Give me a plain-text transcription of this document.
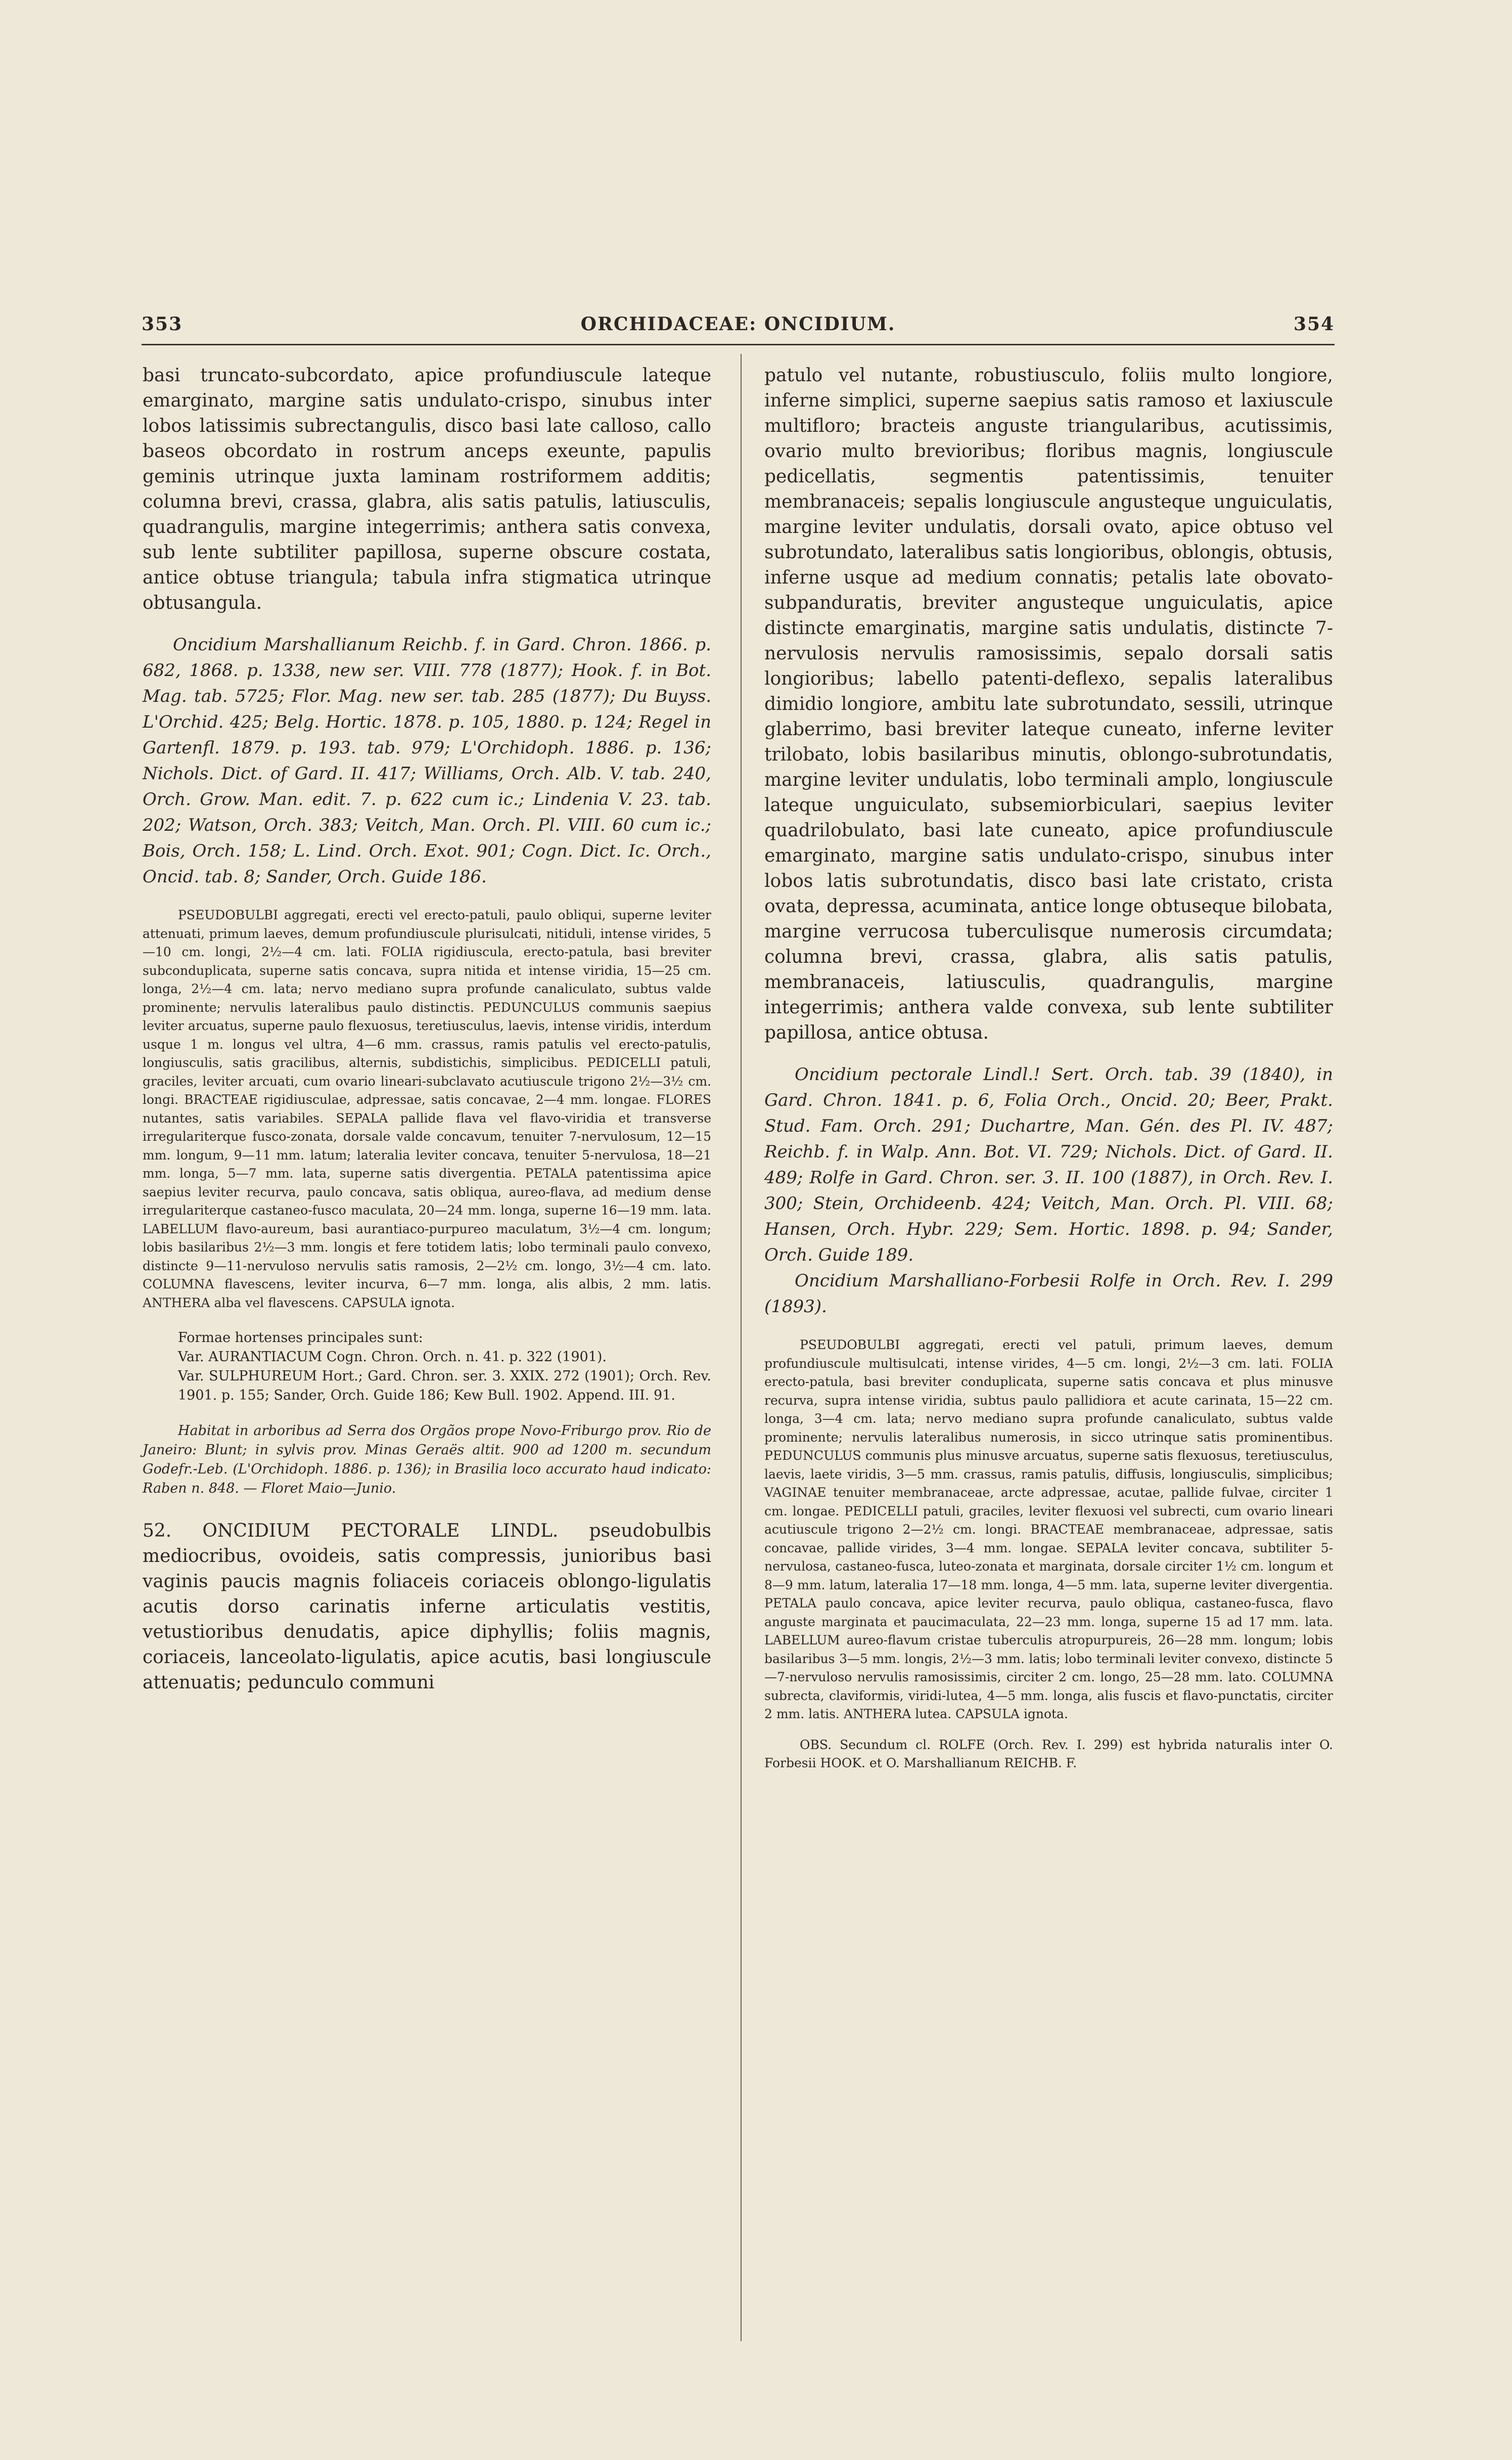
353	ORCHIDACEAE: ONCIDIUM.	354

basi truncato-subcordato, apice profundiuscule lateque emarginato, margine satis undulato-crispo, sinubus inter lobos latissimis subrectangulis, disco basi late calloso, callo baseos obcordato in rostrum anceps exeunte, papulis geminis utrinque juxta laminam rostriformem additis; columna brevi, crassa, glabra, alis satis patulis, latiusculis, quadrangulis, margine integerrimis; anthera satis convexa, sub lente subtiliter papillosa, superne obscure costata, antice obtuse triangula; tabula infra stigmatica utrinque obtusangula.

Oncidium Marshallianum Reichb. f. in Gard. Chron. 1866. p. 682, 1868. p. 1338, new ser. VIII. 778 (1877); Hook. f. in Bot. Mag. tab. 5725; Flor. Mag. new ser. tab. 285 (1877); Du Buyss. L'Orchid. 425; Belg. Hortic. 1878. p. 105, 1880. p. 124; Regel in Gartenfl. 1879. p. 193. tab. 979; L'Orchidoph. 1886. p. 136; Nichols. Dict. of Gard. II. 417; Williams, Orch. Alb. V. tab. 240, Orch. Grow. Man. edit. 7. p. 622 cum ic.; Lindenia V. 23. tab. 202; Watson, Orch. 383; Veitch, Man. Orch. Pl. VIII. 60 cum ic.; Bois, Orch. 158; L. Lind. Orch. Exot. 901; Cogn. Dict. Ic. Orch., Oncid. tab. 8; Sander, Orch. Guide 186.

PSEUDOBULBI aggregati, erecti vel erecto-patuli, paulo obliqui, superne leviter attenuati, primum laeves, demum profundiuscule plurisulcati, nitiduli, intense virides, 5—10 cm. longi, 2½—4 cm. lati. FOLIA rigidiuscula, erecto-patula, basi breviter subconduplicata, superne satis concava, supra nitida et intense viridia, 15—25 cm. longa, 2½—4 cm. lata; nervo mediano supra profunde canaliculato, subtus valde prominente; nervulis lateralibus paulo distinctis. PEDUNCULUS communis saepius leviter arcuatus, superne paulo flexuosus, teretiusculus, laevis, intense viridis, interdum usque 1 m. longus vel ultra, 4—6 mm. crassus, ramis patulis vel erecto-patulis, longiusculis, satis gracilibus, alternis, subdistichis, simplicibus. PEDICELLI patuli, graciles, leviter arcuati, cum ovario lineari-subclavato acutiuscule trigono 2½—3½ cm. longi. BRACTEAE rigidiusculae, adpressae, satis concavae, 2—4 mm. longae. FLORES nutantes, satis variabiles. SEPALA pallide flava vel flavo-viridia et transverse irregulariterque fusco-zonata, dorsale valde concavum, tenuiter 7-nervulosum, 12—15 mm. longum, 9—11 mm. latum; lateralia leviter concava, tenuiter 5-nervulosa, 18—21 mm. longa, 5—7 mm. lata, superne satis divergentia. PETALA patentissima apice saepius leviter recurva, paulo concava, satis obliqua, aureo-flava, ad medium dense irregulariterque castaneo-fusco maculata, 20—24 mm. longa, superne 16—19 mm. lata. LABELLUM flavo-aureum, basi aurantiaco-purpureo maculatum, 3½—4 cm. longum; lobis basilaribus 2½—3 mm. longis et fere totidem latis; lobo terminali paulo convexo, distincte 9—11-nervuloso nervulis satis ramosis, 2—2½ cm. longo, 3½—4 cm. lato. COLUMNA flavescens, leviter incurva, 6—7 mm. longa, alis albis, 2 mm. latis. ANTHERA alba vel flavescens. CAPSULA ignota.

Formae hortenses principales sunt:

Var. AURANTIACUM Cogn. Chron. Orch. n. 41. p. 322 (1901).

Var. SULPHUREUM Hort.; Gard. Chron. ser. 3. XXIX. 272 (1901); Orch. Rev. 1901. p. 155; Sander, Orch. Guide 186; Kew Bull. 1902. Append. III. 91.

Habitat in arboribus ad Serra dos Orgãos prope Novo-Friburgo prov. Rio de Janeiro: Blunt; in sylvis prov. Minas Geraës altit. 900 ad 1200 m. secundum Godefr.-Leb. (L'Orchidoph. 1886. p. 136); in Brasilia loco accurato haud indicato: Raben n. 848. — Floret Maio—Junio.

52. ONCIDIUM PECTORALE LINDL. pseudobulbis mediocribus, ovoideis, satis compressis, junioribus basi vaginis paucis magnis foliaceis coriaceis oblongo-ligulatis acutis dorso carinatis inferne articulatis vestitis, vetustioribus denudatis, apice diphyllis; foliis magnis, coriaceis, lanceolato-ligulatis, apice acutis, basi longiuscule attenuatis; pedunculo communi

patulo vel nutante, robustiusculo, foliis multo longiore, inferne simplici, superne saepius satis ramoso et laxiuscule multifloro; bracteis anguste triangularibus, acutissimis, ovario multo brevioribus; floribus magnis, longiuscule pedicellatis, segmentis patentissimis, tenuiter membranaceis; sepalis longiuscule angusteque unguiculatis, margine leviter undulatis, dorsali ovato, apice obtuso vel subrotundato, lateralibus satis longioribus, oblongis, obtusis, inferne usque ad medium connatis; petalis late obovato-subpanduratis, breviter angusteque unguiculatis, apice distincte emarginatis, margine satis undulatis, distincte 7-nervulosis nervulis ramosissimis, sepalo dorsali satis longioribus; labello patenti-deflexo, sepalis lateralibus dimidio longiore, ambitu late subrotundato, sessili, utrinque glaberrimo, basi breviter lateque cuneato, inferne leviter trilobato, lobis basilaribus minutis, oblongo-subrotundatis, margine leviter undulatis, lobo terminali amplo, longiuscule lateque unguiculato, subsemiorbiculari, saepius leviter quadrilobulato, basi late cuneato, apice profundiuscule emarginato, margine satis undulato-crispo, sinubus inter lobos latis subrotundatis, disco basi late cristato, crista ovata, depressa, acuminata, antice longe obtuseque bilobata, margine verrucosa tuberculisque numerosis circumdata; columna brevi, crassa, glabra, alis satis patulis, membranaceis, latiusculis, quadrangulis, margine integerrimis; anthera valde convexa, sub lente subtiliter papillosa, antice obtusa.

Oncidium pectorale Lindl.! Sert. Orch. tab. 39 (1840), in Gard. Chron. 1841. p. 6, Folia Orch., Oncid. 20; Beer, Prakt. Stud. Fam. Orch. 291; Duchartre, Man. Gén. des Pl. IV. 487; Reichb. f. in Walp. Ann. Bot. VI. 729; Nichols. Dict. of Gard. II. 489; Rolfe in Gard. Chron. ser. 3. II. 100 (1887), in Orch. Rev. I. 300; Stein, Orchideenb. 424; Veitch, Man. Orch. Pl. VIII. 68; Hansen, Orch. Hybr. 229; Sem. Hortic. 1898. p. 94; Sander, Orch. Guide 189.

Oncidium Marshalliano-Forbesii Rolfe in Orch. Rev. I. 299 (1893).

PSEUDOBULBI aggregati, erecti vel patuli, primum laeves, demum profundiuscule multisulcati, intense virides, 4—5 cm. longi, 2½—3 cm. lati. FOLIA erecto-patula, basi breviter conduplicata, superne satis concava et plus minusve recurva, supra intense viridia, subtus paulo pallidiora et acute carinata, 15—22 cm. longa, 3—4 cm. lata; nervo mediano supra profunde canaliculato, subtus valde prominente; nervulis lateralibus numerosis, in sicco utrinque satis prominentibus. PEDUNCULUS communis plus minusve arcuatus, superne satis flexuosus, teretiusculus, laevis, laete viridis, 3—5 mm. crassus, ramis patulis, diffusis, longiusculis, simplicibus; VAGINAE tenuiter membranaceae, arcte adpressae, acutae, pallide fulvae, circiter 1 cm. longae. PEDICELLI patuli, graciles, leviter flexuosi vel subrecti, cum ovario lineari acutiuscule trigono 2—2½ cm. longi. BRACTEAE membranaceae, adpressae, satis concavae, pallide virides, 3—4 mm. longae. SEPALA leviter concava, subtiliter 5-nervulosa, castaneo-fusca, luteo-zonata et marginata, dorsale circiter 1½ cm. longum et 8—9 mm. latum, lateralia 17—18 mm. longa, 4—5 mm. lata, superne leviter divergentia. PETALA paulo concava, apice leviter recurva, paulo obliqua, castaneo-fusca, flavo anguste marginata et paucimaculata, 22—23 mm. longa, superne 15 ad 17 mm. lata. LABELLUM aureo-flavum cristae tuberculis atropurpureis, 26—28 mm. longum; lobis basilaribus 3—5 mm. longis, 2½—3 mm. latis; lobo terminali leviter convexo, distincte 5—7-nervuloso nervulis ramosissimis, circiter 2 cm. longo, 25—28 mm. lato. COLUMNA subrecta, claviformis, viridi-lutea, 4—5 mm. longa, alis fuscis et flavo-punctatis, circiter 2 mm. latis. ANTHERA lutea. CAPSULA ignota.

OBS. Secundum cl. ROLFE (Orch. Rev. I. 299) est hybrida naturalis inter O. Forbesii HOOK. et O. Marshallianum REICHB. F.
